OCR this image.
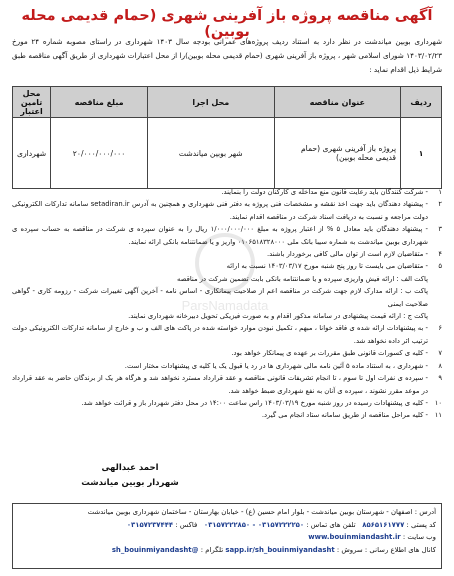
آگهی مناقصه پروژه باز آفرینی شهری (حمام قدیمی محله بوبین)
شهرداری بوبین میاندشت در نظر دارد به استناد ردیف پروژه‌های عمرانی بودجه سال ۱۴۰۳ شهرداری در راستای مصوبه شماره ۲۴ مورخ ۱۴۰۳/۰۲/۲۳ شورای اسلامی شهر ، پروژه باز آفرینی شهری (حمام قدیمی محله بوبین)را از محل اعتبارات شهرداری از طریق آگهی مناقصه طبق شرایط ذیل اقدام نماید :
ردیف	عنوان مناقصه	محل اجرا	مبلغ مناقصه	محل تامین اعتبار
۱	پروژه باز آفرینی شهری (حمام قدیمی محله بوبین)	شهر بوبین میاندشت	۲۰/۰۰۰/۰۰۰/۰۰۰	شهرداری
۱
- شرکت کنندگان باید رعایت قانون منع مداخله ی کارکنان دولت را بنمایند.
۲
- پیشنهاد دهندگان باید جهت اخذ نقشه و مشخصات فنی پروژه به دفتر فنی شهرداری و همچنین به آدرس setadiran.ir سامانه تدارکات الکترونیکی دولت مراجعه و نسبت به دریافت اسناد شرکت در مناقصه اقدام نمایند.
۳
- پیشنهاد دهندگان باید معادل ۵ % از اعتبار پروژه به مبلغ ۱/۰۰۰/۰۰۰/۰۰۰ ریال را به عنوان سپرده ی شرکت در مناقصه به حساب سپرده ی شهرداری بوبین میاندشت به شماره سیبا بانک ملی ۰۱۰۶۵۱۸۳۲۸۰۰۰ واریز و یا ضمانتنامه بانکی ارائه نمایند.
۴
- متقاضیان لازم است از توان مالی کافی برخوردار باشند.
۵
- متقاضیان می بایست تا روز پنج شنبه مورخ ۱۴۰۳/۰۳/۱۷ نسبت به ارائه
پاکت الف : ارائه فیش واریزی سپرده و یا ضمانتنامه بانکی بابت تضمین شرکت در مناقصه
پاکت ب : ارائه مدارک لازم جهت شرکت در مناقصه اعم از صلاحیت پیمانکاری - اساس نامه - آخرین آگهی تغییرات شرکت - رزومه کاری - گواهی صلاحیت ایمنی
پاکت ج : ارائه قیمت پیشنهادی در سامانه مذکور اقدام و به صورت فیزیکی تحویل دبیرخانه شهرداری نمایند.
۶
- به پیشنهادات ارائه شده ی فاقد خوانا ، مبهم ، تکمیل نبودن موارد خواسته شده در پاکت های الف و ب و خارج از سامانه تدارکات الکترونیکی دولت ترتیب اثر داده نخواهد شد.
۷
- کلیه ی کسورات قانونی طبق مقررات بر عهده ی پیمانکار خواهد بود.
۸
- شهرداری ، به استناد ماده ۵ آئین نامه مالی شهرداری ها در رد یا قبول یک یا کلیه ی پیشنهادات مختار است.
۹
- سپرده ی نفرات اول تا سوم ، تا انجام تشریفات قانونی مناقصه و عقد قرارداد مسترد نخواهد شد و هرگاه هر یک از برندگان حاضر به عقد قرارداد در موعد مقرر نشوند ، سپرده ی آنان به نفع شهرداری ضبط خواهد شد.
۱۰
- کلیه ی پیشنهادات رسیده در روز شنبه مورخ ۱۴۰۳/۰۳/۱۹ راس ساعت ۱۴:۰۰ در محل دفتر شهردار باز و قرائت خواهد شد.
۱۱
- کلیه مراحل مناقصه از طریق سامانه ستاد انجام می گیرد.
ParsNamadata
احمد عبدالهی
شهردار بوبین میاندشت
آدرس : اصفهان - شهرستان بوبین میاندشت - بلوار امام حسین (ع) - خیابان بهارستان - ساختمان شهرداری بوبین میاندشت
کد پستی : ۸۵۶۵۱۶۱۷۷۷   تلفن های تماس : ۰۳۱۵۷۲۲۲۲۵۰ - ۰۳۱۵۷۲۲۲۸۵۰   فاکس : ۰۳۱۵۷۲۳۷۴۴۴
وب سایت : www.bouinmiandasht.ir
کانال های اطلاع رسانی : سروش : sapp.ir/sh_bouinmiyandasht تلگرام : @sh_bouinmiyandasht
